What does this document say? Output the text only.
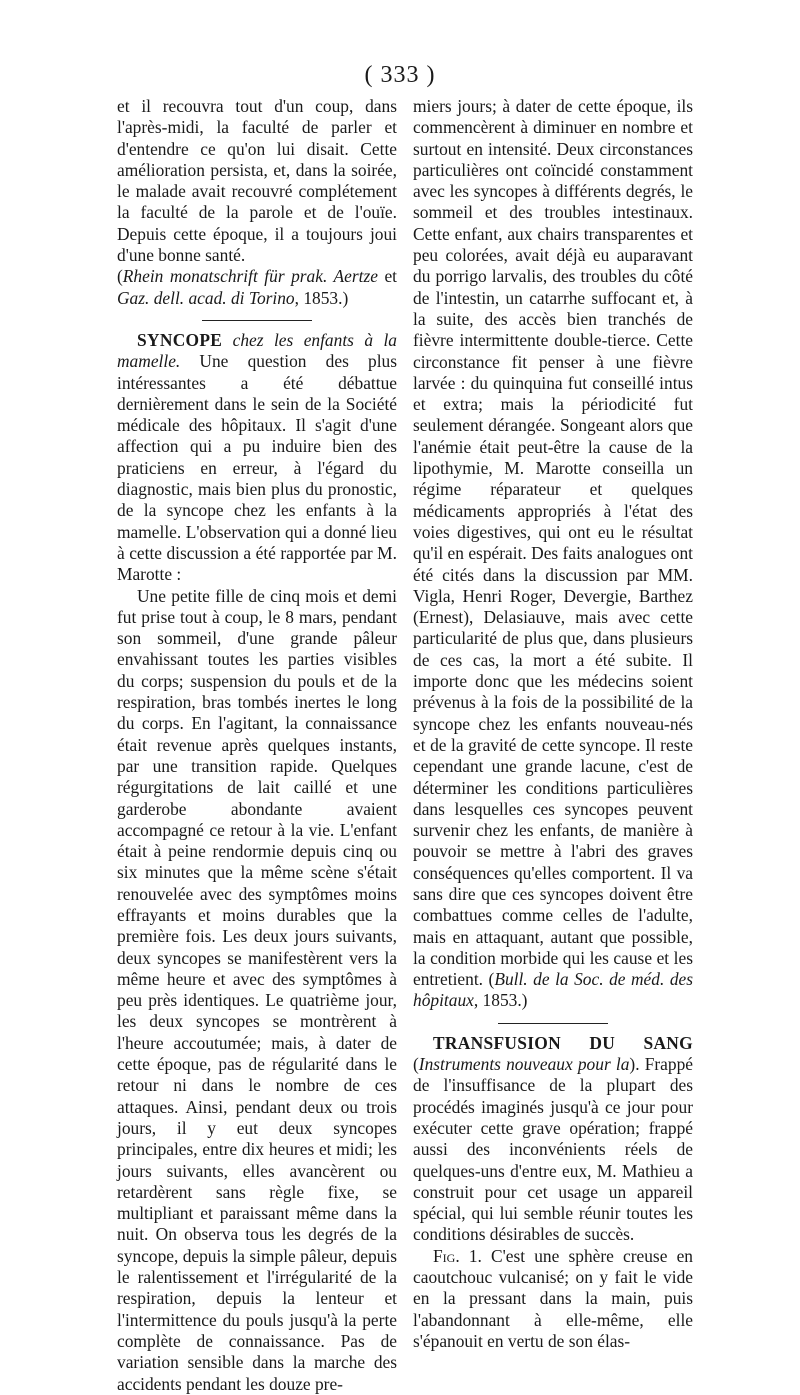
( 333 )

et il recouvra tout d'un coup, dans l'après-midi, la faculté de parler et d'entendre ce qu'on lui disait. Cette amélioration persista, et, dans la soirée, le malade avait recouvré complétement la faculté de la parole et de l'ouïe. Depuis cette époque, il a toujours joui d'une bonne santé.

(Rhein monatschrift für prak. Aertze et Gaz. dell. acad. di Torino, 1853.)

SYNCOPE chez les enfants à la mamelle. Une question des plus intéressantes a été débattue dernièrement dans le sein de la Société médicale des hôpitaux. Il s'agit d'une affection qui a pu induire bien des praticiens en erreur, à l'égard du diagnostic, mais bien plus du pronostic, de la syncope chez les enfants à la mamelle. L'observation qui a donné lieu à cette discussion a été rapportée par M. Marotte :

Une petite fille de cinq mois et demi fut prise tout à coup, le 8 mars, pendant son sommeil, d'une grande pâleur envahissant toutes les parties visibles du corps; suspension du pouls et de la respiration, bras tombés inertes le long du corps. En l'agitant, la connaissance était revenue après quelques instants, par une transition rapide. Quelques régurgitations de lait caillé et une garderobe abondante avaient accompagné ce retour à la vie. L'enfant était à peine rendormie depuis cinq ou six minutes que la même scène s'était renouvelée avec des symptômes moins effrayants et moins durables que la première fois. Les deux jours suivants, deux syncopes se manifestèrent vers la même heure et avec des symptômes à peu près identiques. Le quatrième jour, les deux syncopes se montrèrent à l'heure accoutumée; mais, à dater de cette époque, pas de régularité dans le retour ni dans le nombre de ces attaques. Ainsi, pendant deux ou trois jours, il y eut deux syncopes principales, entre dix heures et midi; les jours suivants, elles avancèrent ou retardèrent sans règle fixe, se multipliant et paraissant même dans la nuit. On observa tous les degrés de la syncope, depuis la simple pâleur, depuis le ralentissement et l'irrégularité de la respiration, depuis la lenteur et l'intermittence du pouls jusqu'à la perte complète de connaissance. Pas de variation sensible dans la marche des accidents pendant les douze pre-

miers jours; à dater de cette époque, ils commencèrent à diminuer en nombre et surtout en intensité. Deux circonstances particulières ont coïncidé constamment avec les syncopes à différents degrés, le sommeil et des troubles intestinaux. Cette enfant, aux chairs transparentes et peu colorées, avait déjà eu auparavant du porrigo larvalis, des troubles du côté de l'intestin, un catarrhe suffocant et, à la suite, des accès bien tranchés de fièvre intermittente double-tierce. Cette circonstance fit penser à une fièvre larvée : du quinquina fut conseillé intus et extra; mais la périodicité fut seulement dérangée. Songeant alors que l'anémie était peut-être la cause de la lipothymie, M. Marotte conseilla un régime réparateur et quelques médicaments appropriés à l'état des voies digestives, qui ont eu le résultat qu'il en espérait. Des faits analogues ont été cités dans la discussion par MM. Vigla, Henri Roger, Devergie, Barthez (Ernest), Delasiauve, mais avec cette particularité de plus que, dans plusieurs de ces cas, la mort a été subite. Il importe donc que les médecins soient prévenus à la fois de la possibilité de la syncope chez les enfants nouveau-nés et de la gravité de cette syncope. Il reste cependant une grande lacune, c'est de déterminer les conditions particulières dans lesquelles ces syncopes peuvent survenir chez les enfants, de manière à pouvoir se mettre à l'abri des graves conséquences qu'elles comportent. Il va sans dire que ces syncopes doivent être combattues comme celles de l'adulte, mais en attaquant, autant que possible, la condition morbide qui les cause et les entretient. (Bull. de la Soc. de méd. des hôpitaux, 1853.)

TRANSFUSION DU SANG (Instruments nouveaux pour la). Frappé de l'insuffisance de la plupart des procédés imaginés jusqu'à ce jour pour exécuter cette grave opération; frappé aussi des inconvénients réels de quelques-uns d'entre eux, M. Mathieu a construit pour cet usage un appareil spécial, qui lui semble réunir toutes les conditions désirables de succès.

Fig. 1. C'est une sphère creuse en caoutchouc vulcanisé; on y fait le vide en la pressant dans la main, puis l'abandonnant à elle-même, elle s'épanouit en vertu de son élas-
